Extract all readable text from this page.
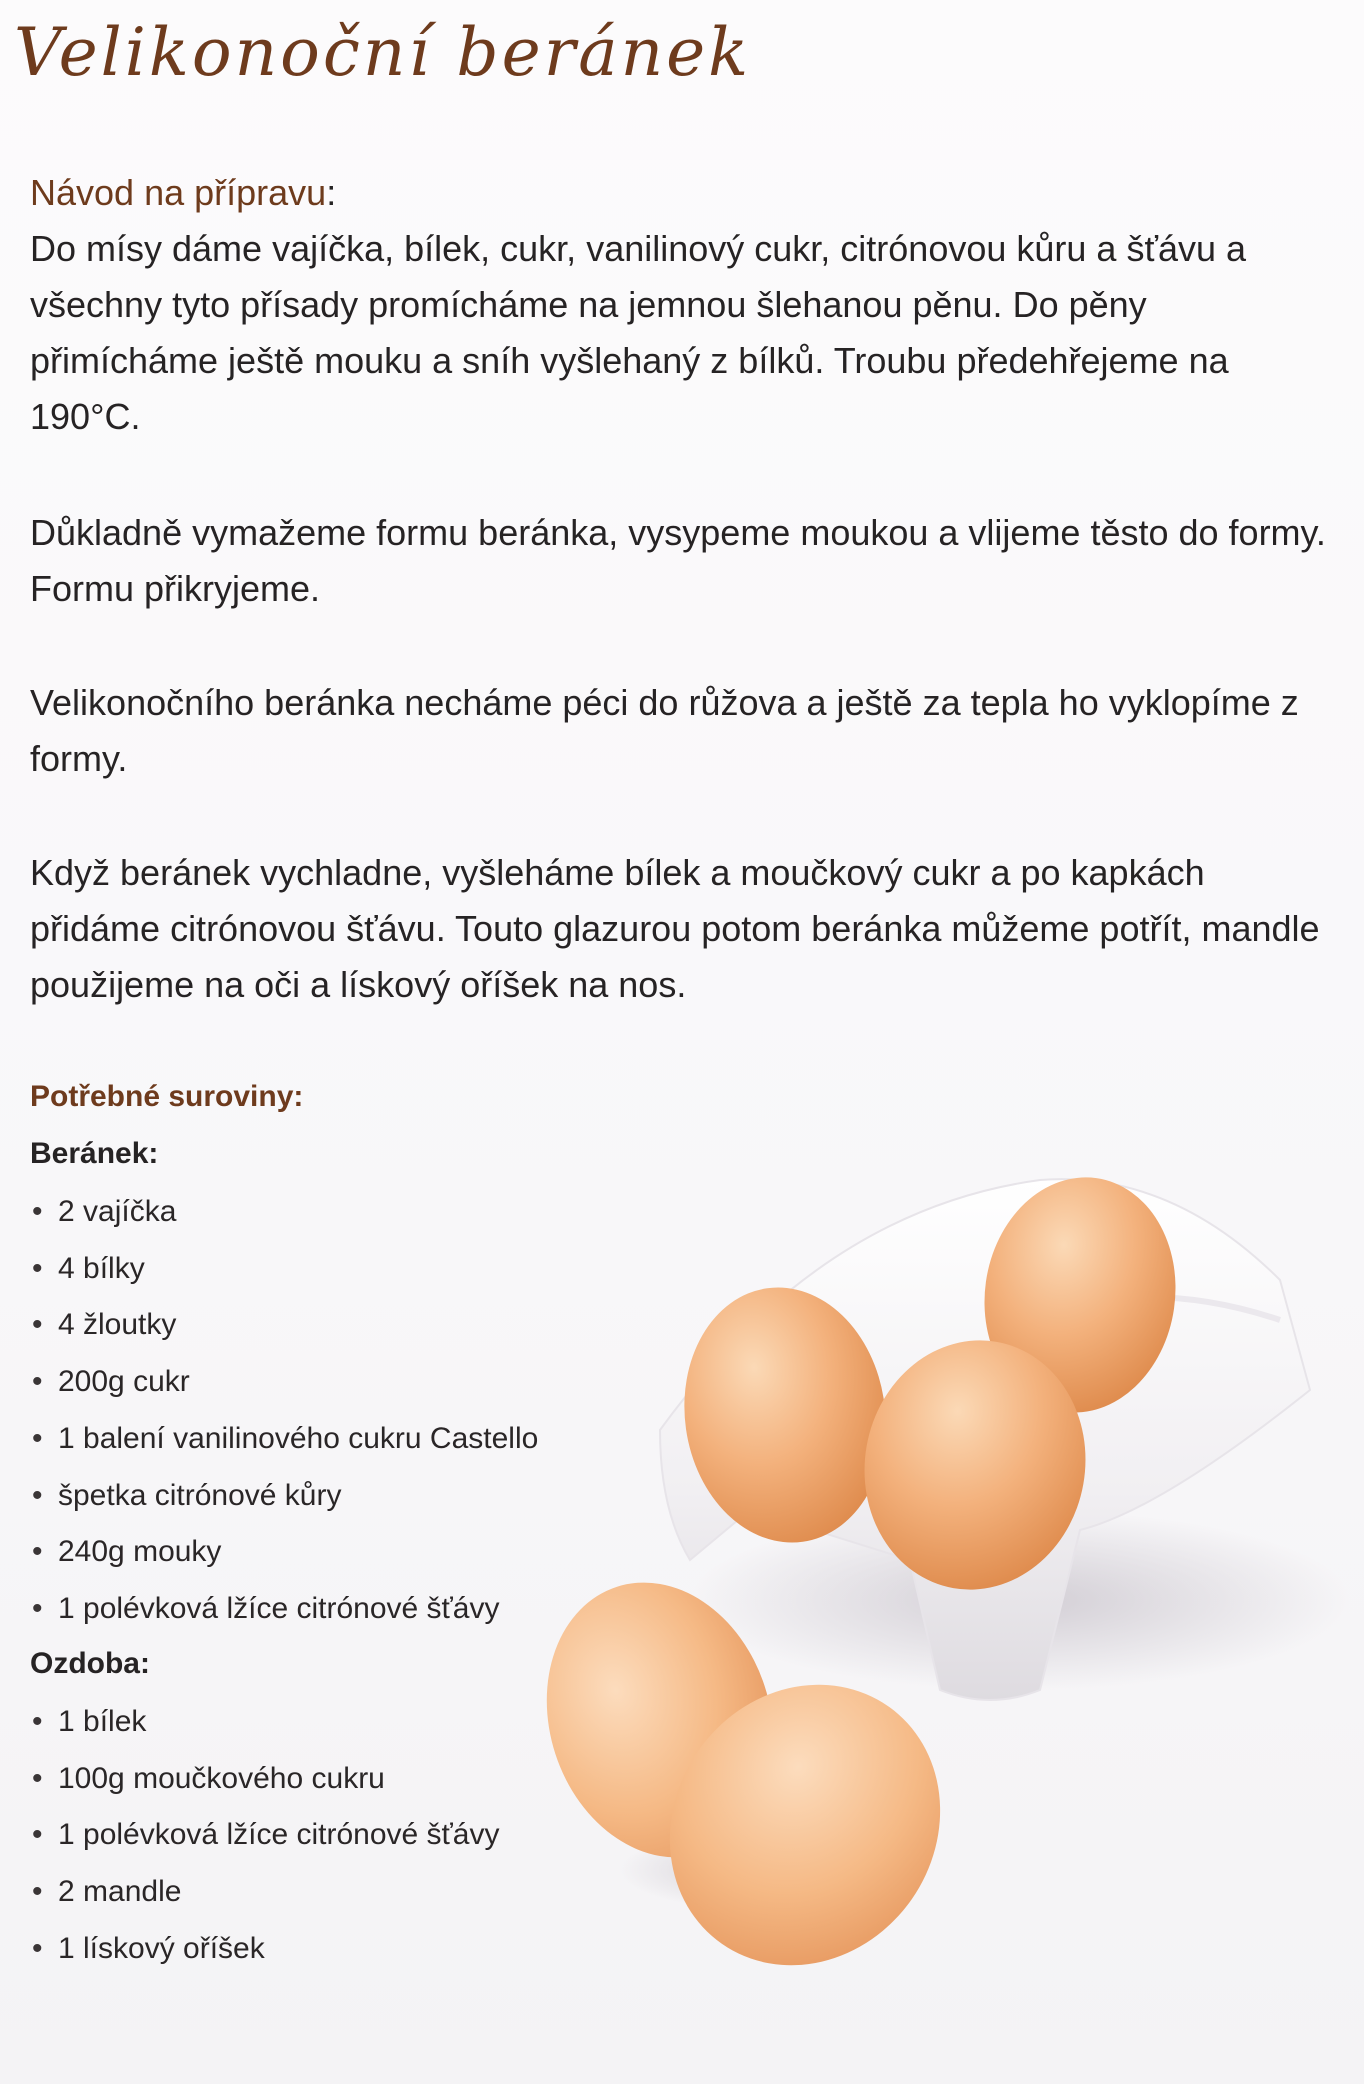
Velikonoční beránek
Návod na přípravu:

Do mísy dáme vajíčka, bílek, cukr, vanilinový cukr, citrónovou kůru a šťávu a všechny tyto přísady promícháme na jemnou šlehanou pěnu. Do pěny přimícháme ještě mouku a sníh vyšlehaný z bílků. Troubu předehřejeme na 190°C.

Důkladně vymažeme formu beránka, vysypeme moukou a vlijeme těsto do formy. Formu přikryjeme.

Velikonočního beránka necháme péci do růžova a ještě za tepla ho vyklopíme z formy.

Když beránek vychladne, vyšleháme bílek a moučkový cukr a po kapkách přidáme citrónovou šťávu. Touto glazurou potom beránka můžeme potřít, mandle použijeme na oči a lískový oříšek na nos.

Potřebné suroviny:
Beránek:
• 2 vajíčka
• 4 bílky
• 4 žloutky
• 200g cukr
• 1 balení vanilinového cukru Castello
• špetka citrónové kůry
• 240g mouky
• 1 polévková lžíce citrónové šťávy
Ozdoba:
• 1 bílek
• 100g moučkového cukru
• 1 polévková lžíce citrónové šťávy
• 2 mandle
• 1 lískový oříšek
